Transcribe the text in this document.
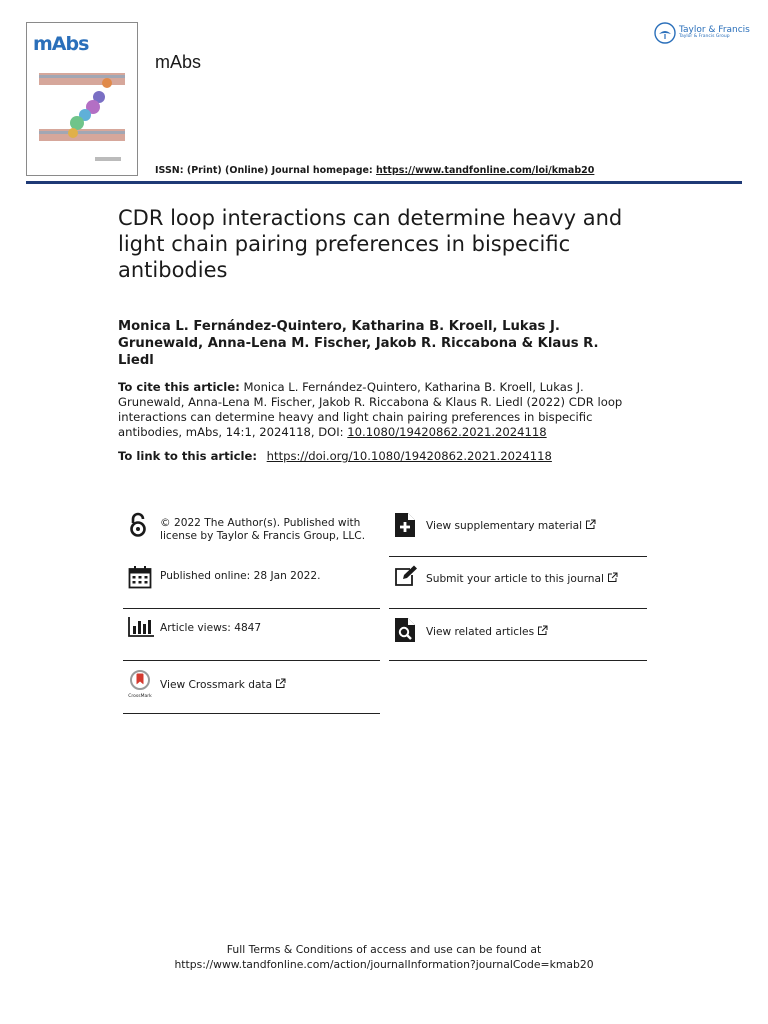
mAbs
mAbs
ISSN: (Print) (Online) Journal homepage: https://www.tandfonline.com/loi/kmab20
Taylor & Francis
Taylor & Francis Group
CDR loop interactions can determine heavy and light chain pairing preferences in bispecific antibodies
Monica L. Fernández-Quintero, Katharina B. Kroell, Lukas J. Grunewald, Anna-Lena M. Fischer, Jakob R. Riccabona & Klaus R. Liedl
To cite this article: Monica L. Fernández-Quintero, Katharina B. Kroell, Lukas J. Grunewald, Anna-Lena M. Fischer, Jakob R. Riccabona & Klaus R. Liedl (2022) CDR loop interactions can determine heavy and light chain pairing preferences in bispecific antibodies, mAbs, 14:1, 2024118, DOI: 10.1080/19420862.2021.2024118
To link to this article: https://doi.org/10.1080/19420862.2021.2024118
© 2022 The Author(s). Published with license by Taylor & Francis Group, LLC.
View supplementary material
Published online: 28 Jan 2022.	Submit your article to this journal
Article views: 4847	View related articles
CrossMark
View Crossmark data
Full Terms & Conditions of access and use can be found at
https://www.tandfonline.com/action/journalInformation?journalCode=kmab20
